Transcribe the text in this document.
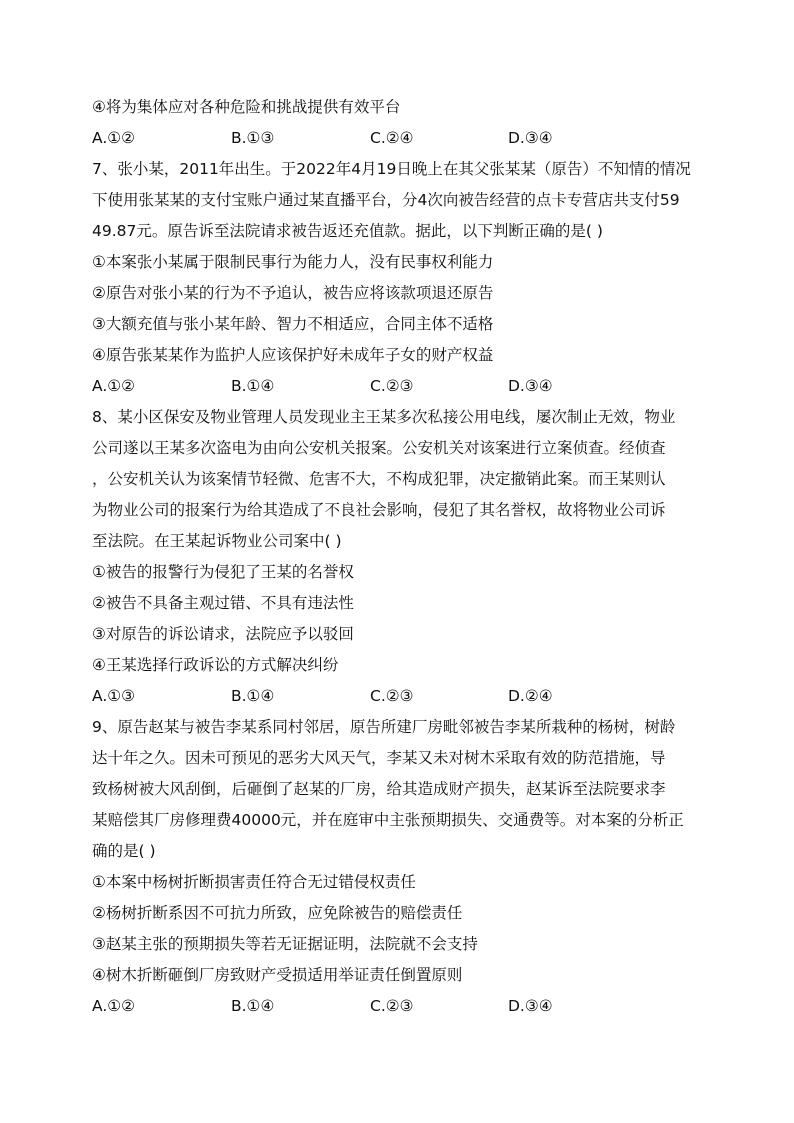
④将为集体应对各种危险和挑战提供有效平台
A.①②	B.①③	C.②④	D.③④
7、张小某，2011年出生。于2022年4月19日晚上在其父张某某（原告）不知情的情况
下使用张某某的支付宝账户通过某直播平台，分4次向被告经营的点卡专营店共支付59
49.87元。原告诉至法院请求被告返还充值款。据此，以下判断正确的是( )
①本案张小某属于限制民事行为能力人，没有民事权利能力
②原告对张小某的行为不予追认，被告应将该款项退还原告
③大额充值与张小某年龄、智力不相适应，合同主体不适格
④原告张某某作为监护人应该保护好未成年子女的财产权益
A.①②	B.①④	C.②③	D.③④
8、某小区保安及物业管理人员发现业主王某多次私接公用电线，屡次制止无效，物业
公司遂以王某多次盗电为由向公安机关报案。公安机关对该案进行立案侦查。经侦查
，公安机关认为该案情节轻微、危害不大，不构成犯罪，决定撤销此案。而王某则认
为物业公司的报案行为给其造成了不良社会影响，侵犯了其名誉权，故将物业公司诉
至法院。在王某起诉物业公司案中( )
①被告的报警行为侵犯了王某的名誉权
②被告不具备主观过错、不具有违法性
③对原告的诉讼请求，法院应予以驳回
④王某选择行政诉讼的方式解决纠纷
A.①③	B.①④	C.②③	D.②④
9、原告赵某与被告李某系同村邻居，原告所建厂房毗邻被告李某所栽种的杨树，树龄
达十年之久。因未可预见的恶劣大风天气，李某又未对树木采取有效的防范措施，导
致杨树被大风刮倒，后砸倒了赵某的厂房，给其造成财产损失，赵某诉至法院要求李
某赔偿其厂房修理费40000元，并在庭审中主张预期损失、交通费等。对本案的分析正
确的是( )
①本案中杨树折断损害责任符合无过错侵权责任
②杨树折断系因不可抗力所致，应免除被告的赔偿责任
③赵某主张的预期损失等若无证据证明，法院就不会支持
④树木折断砸倒厂房致财产受损适用举证责任倒置原则
A.①②	B.①④	C.②③	D.③④
